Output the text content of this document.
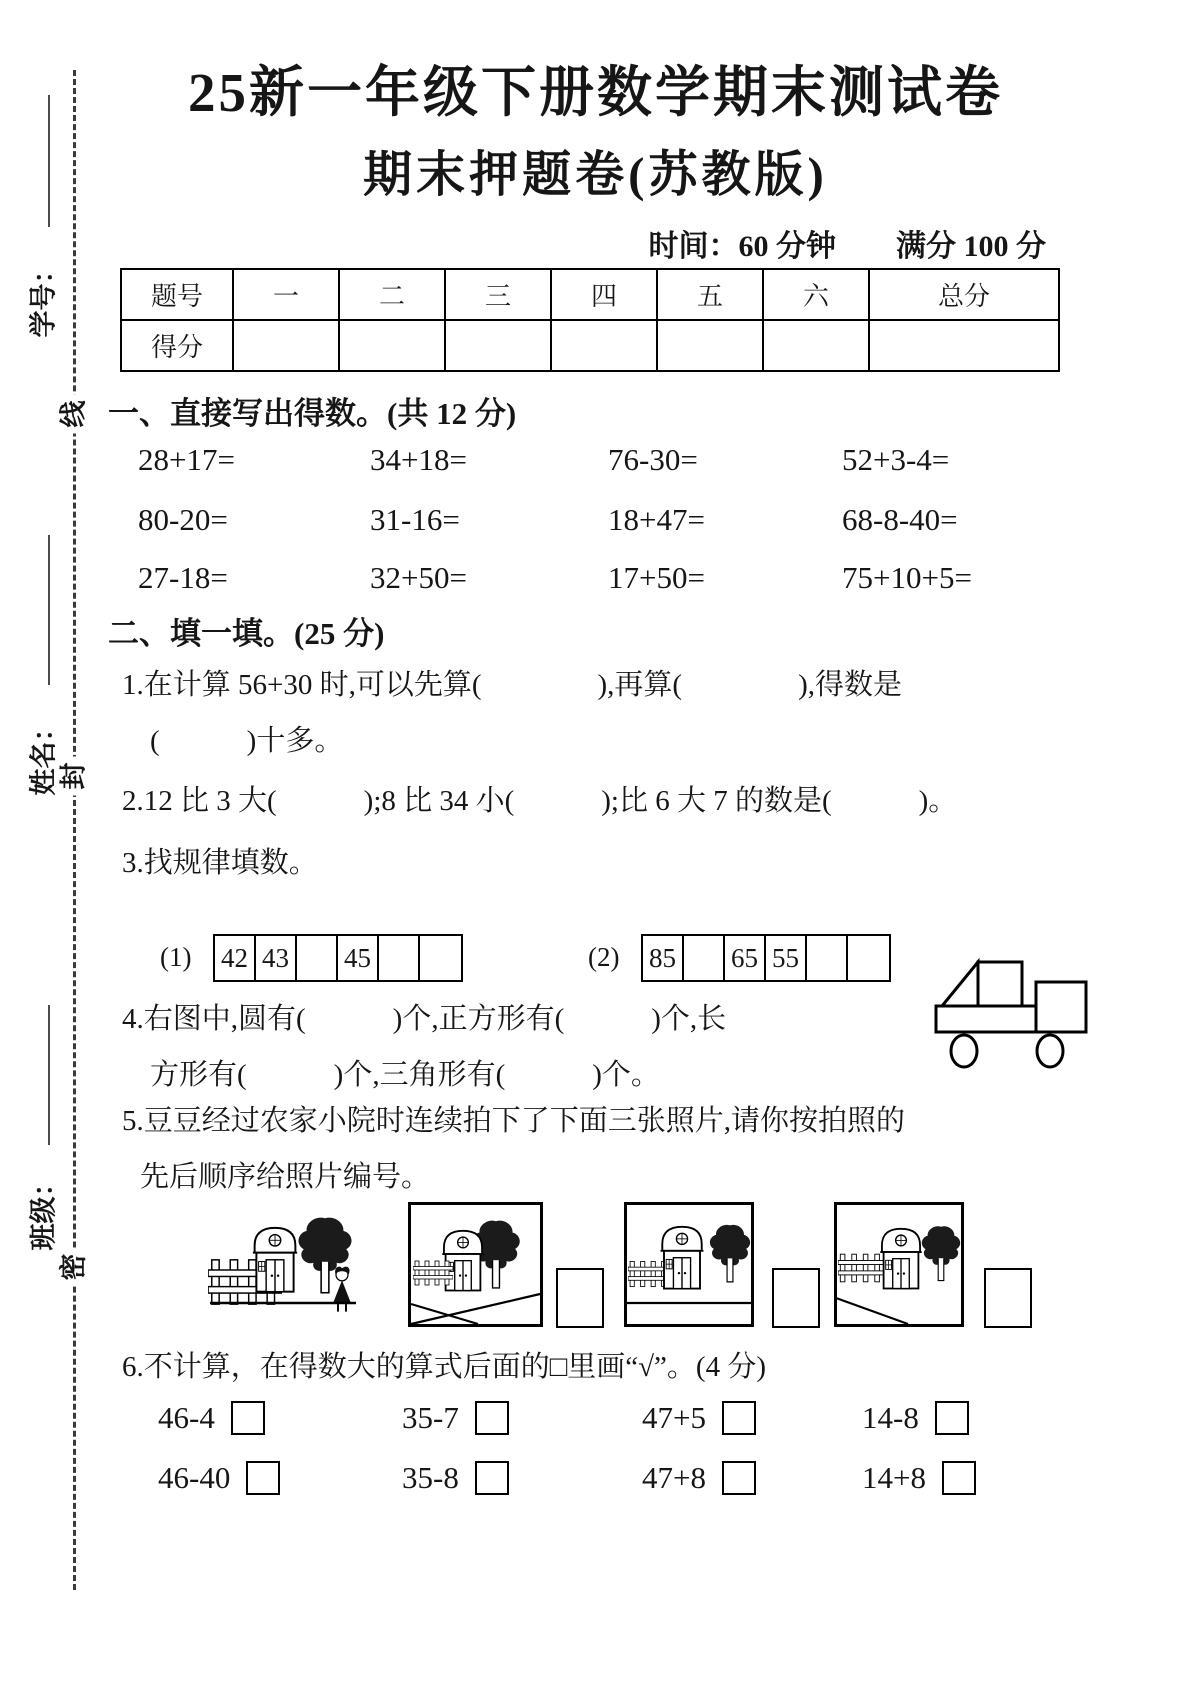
学号：
线
姓名： 封
班级：
密
25新一年级下册数学期末测试卷
期末押题卷(苏教版)
时间：60 分钟　　满分 100 分
题号	一	二	三	四	五	六	总分
得分							
一、直接写出得数。(共 12 分)
28+17=	34+18=	76-30=	52+3-4=
80-20=	31-16=	18+47=	68-8-40=
27-18=	32+50=	17+50=	75+10+5=
二、填一填。(25 分)
1.在计算 56+30 时,可以先算(　　　　),再算(　　　　),得数是
(　　　)十多。
2.12 比 3 大(　　　);8 比 34 小(　　　);比 6 大 7 的数是(　　　)。
3.找规律填数。
(1) 42 43 45	(2) 85 65 55
4.右图中,圆有(　　　)个,正方形有(　　　)个,长
方形有(　　　)个,三角形有(　　　)个。
5.豆豆经过农家小院时连续拍下了下面三张照片,请你按拍照的
先后顺序给照片编号。
6.不计算，在得数大的算式后面的□里画“√”。(4 分)
46-4	35-7	47+5	14-8
46-40	35-8	47+8	14+8
